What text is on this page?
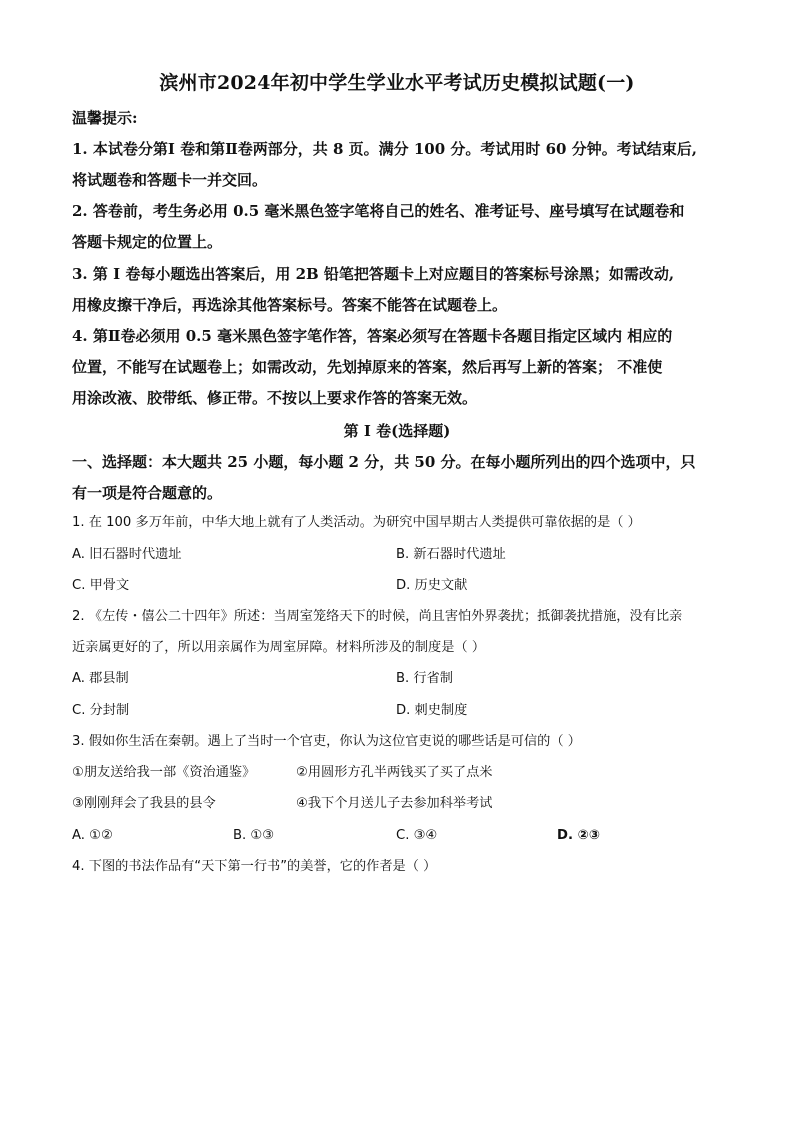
滨州市2024年初中学生学业水平考试历史模拟试题(一)
温馨提示:
1. 本试卷分第Ⅰ 卷和第Ⅱ卷两部分，共 8 页。满分 100 分。考试用时 60 分钟。考试结束后,
将试题卷和答题卡一并交回。
2. 答卷前，考生务必用 0.5 毫米黑色签字笔将自己的姓名、准考证号、座号填写在试题卷和
答题卡规定的位置上。
3. 第 Ⅰ 卷每小题选出答案后，用 2B 铅笔把答题卡上对应题目的答案标号涂黑；如需改动,
用橡皮擦干净后，再选涂其他答案标号。答案不能答在试题卷上。
4. 第Ⅱ卷必须用 0.5 毫米黑色签字笔作答，答案必须写在答题卡各题目指定区域内 相应的
位置，不能写在试题卷上；如需改动，先划掉原来的答案，然后再写上新的答案； 不准使
用涂改液、胶带纸、修正带。不按以上要求作答的答案无效。
第 Ⅰ 卷(选择题)
一、选择题：本大题共 25 小题，每小题 2 分，共 50 分。在每小题所列出的四个选项中，只
有一项是符合题意的。
1. 在 100 多万年前，中华大地上就有了人类活动。为研究中国早期古人类提供可靠依据的是（ ）
A. 旧石器时代遗址	B. 新石器时代遗址
C. 甲骨文	D. 历史文献
2. 《左传・僖公二十四年》所述：当周室笼络天下的时候，尚且害怕外界袭扰；抵御袭扰措施，没有比亲
近亲属更好的了，所以用亲属作为周室屏障。材料所涉及的制度是（ ）
A. 郡县制	B. 行省制
C. 分封制	D. 刺史制度
3. 假如你生活在秦朝。遇上了当时一个官吏，你认为这位官吏说的哪些话是可信的（ ）
①朋友送给我一部《资治通鉴》	②用圆形方孔半两钱买了买了点米
③刚刚拜会了我县的县令	④我下个月送儿子去参加科举考试
A. ①②	B. ①③	C. ③④	D. ②③
4. 下图的书法作品有“天下第一行书”的美誉，它的作者是（ ）
